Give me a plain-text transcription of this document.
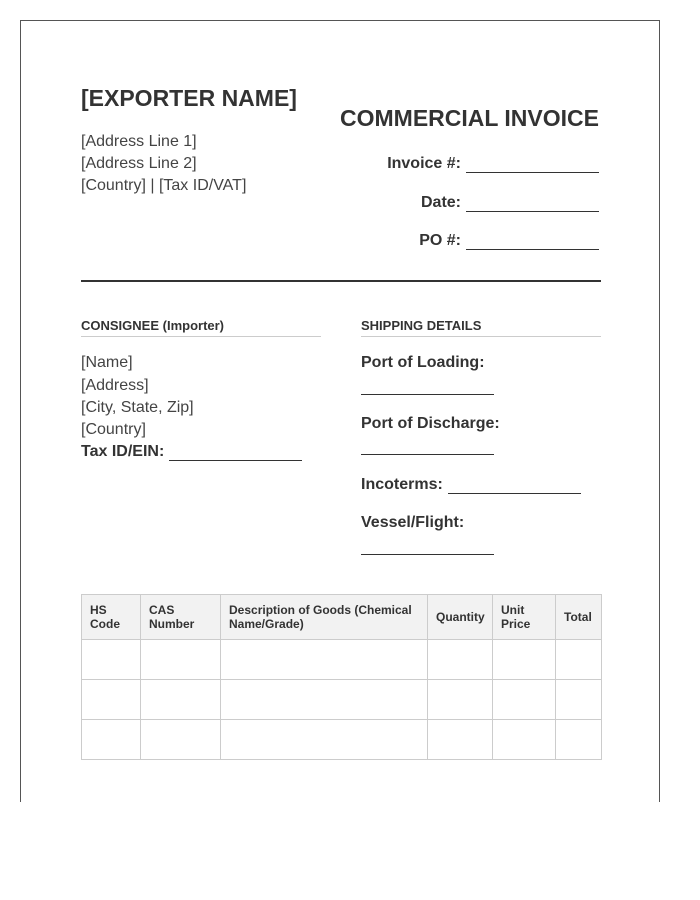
[EXPORTER NAME]
[Address Line 1]
[Address Line 2]
[Country] | [Tax ID/VAT]
COMMERCIAL INVOICE
Invoice #:
Date:
PO #:
CONSIGNEE (Importer)
[Name]
[Address]
[City, State, Zip]
[Country]
Tax ID/EIN:
SHIPPING DETAILS
Port of Loading:
Port of Discharge:
Incoterms:
Vessel/Flight:
HS Code	CAS Number	Description of Goods (Chemical Name/Grade)	Quantity	Unit Price	Total
